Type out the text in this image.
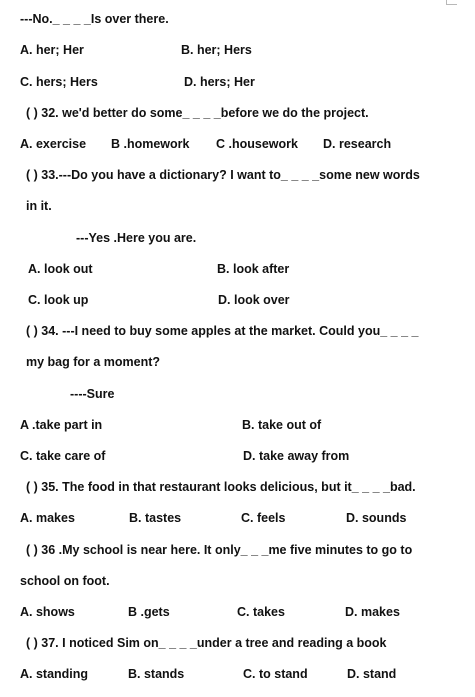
---No._ _ _ _Is over there.
A. her; Her	B. her; Hers
C. hers; Hers	D. hers; Her
( ) 32. we'd better do some_ _ _ _before we do the project.
A. exercise B .homework C .housework D. research
( ) 33.---Do you have a dictionary? I want to_ _ _ _some new words
in it.
---Yes .Here you are.
A. look out	B. look after
C. look up	D. look over
( ) 34. ---I need to buy some apples at the market. Could you_ _ _ _
my bag for a moment?
----Sure
A .take part in	B. take out of
C. take care of	D. take away from
( ) 35. The food in that restaurant looks delicious, but it_ _ _ _bad.
A. makes	B. tastes	C. feels	D. sounds
( ) 36 .My school is near here. It only_ _ _me five minutes to go to
school on foot.
A. shows	B .gets	C. takes	D. makes
( ) 37. I noticed Sim on_ _ _ _under a tree and reading a book
A. standing	B. stands	C. to stand	D. stand
